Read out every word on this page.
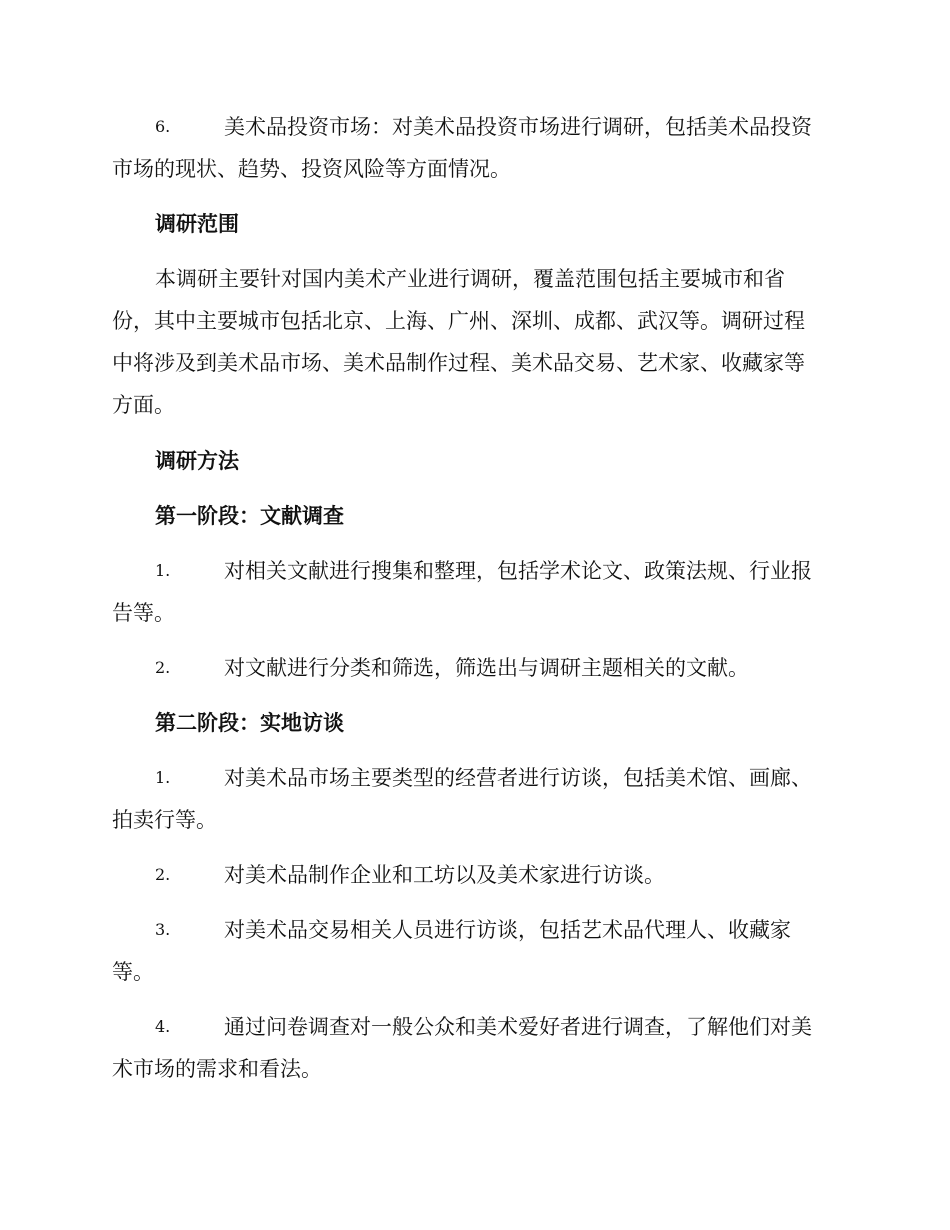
6.	美术品投资市场：对美术品投资市场进行调研，包括美术品投资
市场的现状、趋势、投资风险等方面情况。
调研范围
本调研主要针对国内美术产业进行调研，覆盖范围包括主要城市和省
份，其中主要城市包括北京、上海、广州、深圳、成都、武汉等。调研过程
中将涉及到美术品市场、美术品制作过程、美术品交易、艺术家、收藏家等
方面。
调研方法
第一阶段：文献调查
1.	对相关文献进行搜集和整理，包括学术论文、政策法规、行业报
告等。
2.	对文献进行分类和筛选，筛选出与调研主题相关的文献。
第二阶段：实地访谈
1.	对美术品市场主要类型的经营者进行访谈，包括美术馆、画廊、
拍卖行等。
2.	对美术品制作企业和工坊以及美术家进行访谈。
3.	对美术品交易相关人员进行访谈，包括艺术品代理人、收藏家
等。
4.	通过问卷调查对一般公众和美术爱好者进行调查，了解他们对美
术市场的需求和看法。
